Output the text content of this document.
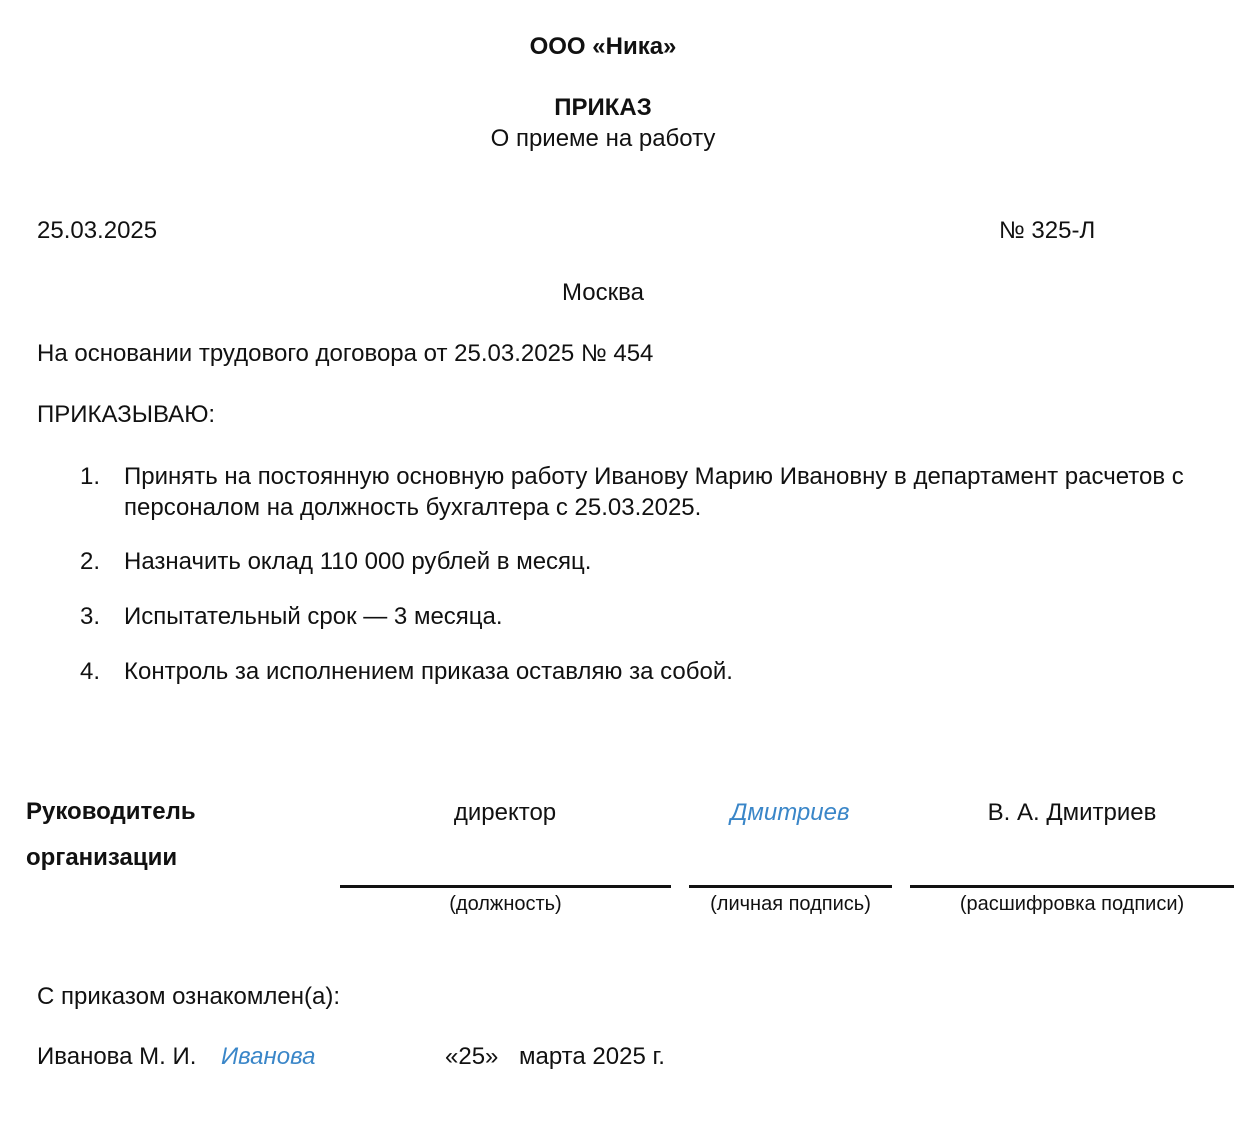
ООО «Ника»
ПРИКАЗ
О приеме на работу
25.03.2025	№ 325-Л
Москва
На основании трудового договора от 25.03.2025 № 454
ПРИКАЗЫВАЮ:
1. Принять на постоянную основную работу Иванову Марию Ивановну в департамент расчетов с персоналом на должность бухгалтера с 25.03.2025.
2. Назначить оклад 110 000 рублей в месяц.
3. Испытательный срок — 3 месяца.
4. Контроль за исполнением приказа оставляю за собой.
Руководитель
организации
директор	Дмитриев	В. А. Дмитриев
(должность)	(личная подпись)	(расшифровка подписи)
С приказом ознакомлен(а):
Иванова М. И. Иванова	«25» марта 2025 г.
